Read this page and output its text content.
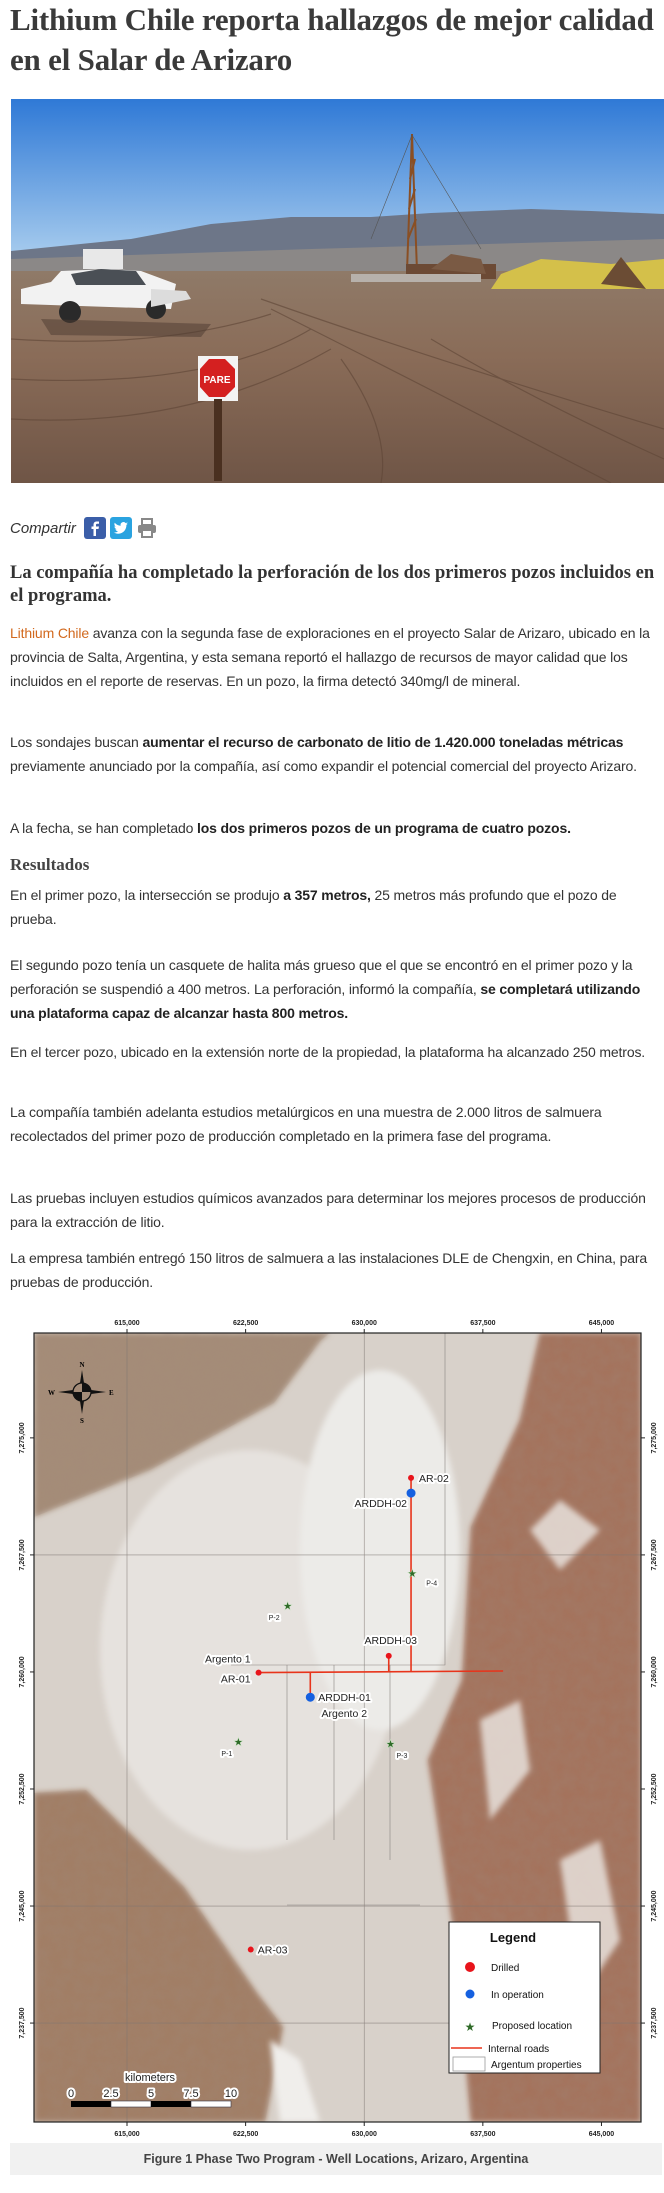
Lithium Chile reporta hallazgos de mejor calidad en el Salar de Arizaro
PARE
Compartir
La compañía ha completado la perforación de los dos primeros pozos incluidos en el programa.

Lithium Chile avanza con la segunda fase de exploraciones en el proyecto Salar de Arizaro, ubicado en la provincia de Salta, Argentina, y esta semana reportó el hallazgo de recursos de mayor calidad que los incluidos en el reporte de reservas. En un pozo, la firma detectó 340mg/l de mineral.

Los sondajes buscan aumentar el recurso de carbonato de litio de 1.420.000 toneladas métricas previamente anunciado por la compañía, así como expandir el potencial comercial del proyecto Arizaro.

A la fecha, se han completado los dos primeros pozos de un programa de cuatro pozos.

Resultados

En el primer pozo, la intersección se produjo a 357 metros, 25 metros más profundo que el pozo de prueba.

El segundo pozo tenía un casquete de halita más grueso que el que se encontró en el primer pozo y la perforación se suspendió a 400 metros. La perforación, informó la compañía, se completará utilizando una plataforma capaz de alcanzar hasta 800 metros.

En el tercer pozo, ubicado en la extensión norte de la propiedad, la plataforma ha alcanzado 250 metros.

La compañía también adelanta estudios metalúrgicos en una muestra de 2.000 litros de salmuera recolectados del primer pozo de producción completado en la primera fase del programa.

Las pruebas incluyen estudios químicos avanzados para determinar los mejores procesos de producción para la extracción de litio.

La empresa también entregó 150 litros de salmuera a las instalaciones DLE de Chengxin, en China, para pruebas de producción.

615,000
615,000
622,500
622,500
630,000
630,000
637,500
637,500
645,000
645,000
7,275,000	7,275,000
7,267,500	7,267,500
7,260,000	7,260,000
7,252,500	7,252,500
7,245,000	7,245,000
7,237,500	7,237,500
AR-02
ARDDH-02
★
P-4
★
P-2
ARDDH-03
AR-01
Argento 1
ARDDH-01
Argento 2
★
P-1
★
P-3
AR-03
N
S
E
W
kilometers
0	2.5	5	7.5 10
Legend
Drilled
In operation
★ Proposed location
Internal roads
Argentum properties
Figure 1 Phase Two Program - Well Locations, Arizaro, Argentina
